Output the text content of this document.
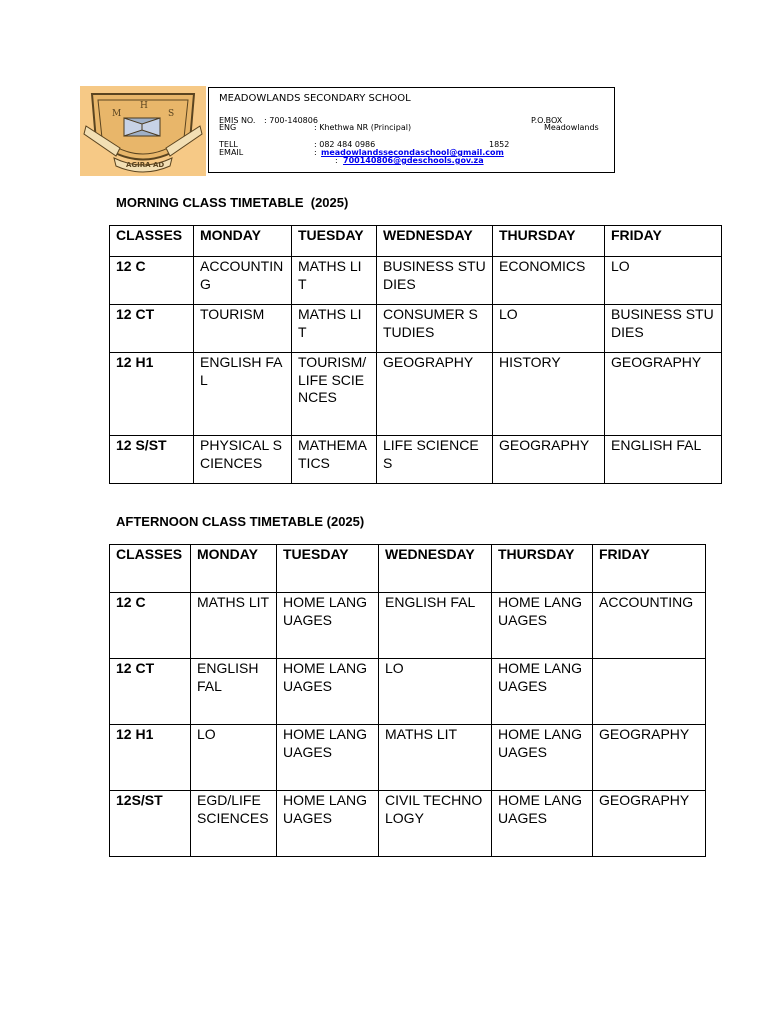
M
H
S
AGIRA AD
MEADOWLANDS SECONDARY SCHOOL
EMIS NO. : 700-140806	P.O.BOX
ENG	: Khethwa NR (Principal)	Meadowlands
TELL	: 082 484 0986	1852
EMAIL	: meadowlandssecondaschool@gmail.com
: 700140806@gdeschools.gov.za
MORNING CLASS TIMETABLE  (2025)
CLASSES	MONDAY	TUESDAY	WEDNESDAY	THURSDAY	FRIDAY
12 C	ACCOUNTING	MATHS LIT	BUSINESS STUDIES	ECONOMICS	LO
12 CT	TOURISM	MATHS LIT	CONSUMER STUDIES	LO	BUSINESS STUDIES
12 H1	ENGLISH FAL	TOURISM/ LIFE SCIENCES	GEOGRAPHY	HISTORY	GEOGRAPHY
12 S/ST	PHYSICAL SCIENCES	MATHEMATICS	LIFE SCIENCES	GEOGRAPHY	ENGLISH FAL
AFTERNOON CLASS TIMETABLE (2025)
CLASSES	MONDAY	TUESDAY	WEDNESDAY	THURSDAY	FRIDAY
12 C	MATHS LIT	HOME LANGUAGES	ENGLISH FAL	HOME LANGUAGES	ACCOUNTING
12 CT	ENGLISH FAL	HOME LANGUAGES	LO	HOME LANGUAGES	
12 H1	LO	HOME LANGUAGES	MATHS LIT	HOME LANGUAGES	GEOGRAPHY
12S/ST	EGD/LIFE SCIENCES	HOME LANGUAGES	CIVIL TECHNOLOGY	HOME LANGUAGES	GEOGRAPHY
